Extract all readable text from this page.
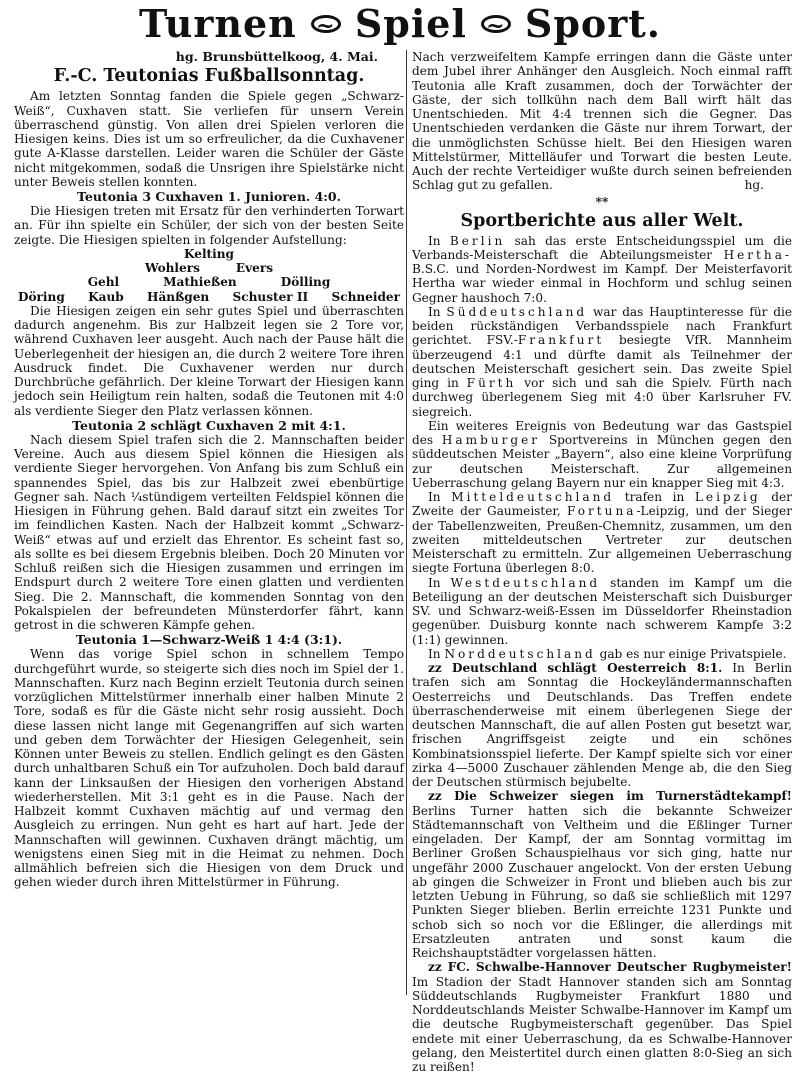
Turnen ~ Spiel ~ Sport.
hg. Brunsbüttelkoog, 4. Mai.
F.-C. Teutonias Fußballsonntag.

Am letzten Sonntag fanden die Spiele gegen „Schwarz-Weiß“, Cuxhaven statt. Sie verliefen für unsern Verein überraschend günstig. Von allen drei Spielen verloren die Hiesigen keins. Dies ist um so erfreulicher, da die Cuxhavener gute A-Klasse darstellen. Leider waren die Schüler der Gäste nicht mitgekommen, sodaß die Unsrigen ihre Spielstärke nicht unter Beweis stellen konnten.

Teutonia 3 Cuxhaven 1. Junioren. 4:0.

Die Hiesigen treten mit Ersatz für den verhinderten Torwart an. Für ihn spielte ein Schüler, der sich von der besten Seite zeigte. Die Hiesigen spielten in folgender Aufstellung:

Kelting
Wohlers	Evers
Gehl	Mathießen	Dölling
Döring Kaub Hänßgen Schuster II Schneider

Die Hiesigen zeigen ein sehr gutes Spiel und überraschten dadurch angenehm. Bis zur Halbzeit legen sie 2 Tore vor, während Cuxhaven leer ausgeht. Auch nach der Pause hält die Ueberlegenheit der hiesigen an, die durch 2 weitere Tore ihren Ausdruck findet. Die Cuxhavener werden nur durch Durchbrüche gefährlich. Der kleine Torwart der Hiesigen kann jedoch sein Heiligtum rein halten, sodaß die Teutonen mit 4:0 als verdiente Sieger den Platz verlassen können.

Teutonia 2 schlägt Cuxhaven 2 mit 4:1.

Nach diesem Spiel trafen sich die 2. Mannschaften beider Vereine. Auch aus diesem Spiel können die Hiesigen als verdiente Sieger hervorgehen. Von Anfang bis zum Schluß ein spannendes Spiel, das bis zur Halbzeit zwei ebenbürtige Gegner sah. Nach ¼stündigem verteilten Feldspiel können die Hiesigen in Führung gehen. Bald darauf sitzt ein zweites Tor im feindlichen Kasten. Nach der Halbzeit kommt „Schwarz-Weiß“ etwas auf und erzielt das Ehrentor. Es scheint fast so, als sollte es bei diesem Ergebnis bleiben. Doch 20 Minuten vor Schluß reißen sich die Hiesigen zusammen und erringen im Endspurt durch 2 weitere Tore einen glatten und verdienten Sieg. Die 2. Mannschaft, die kommenden Sonntag von den Pokalspielen der befreundeten Münsterdorfer fährt, kann getrost in die schweren Kämpfe gehen.

Teutonia 1—Schwarz-Weiß 1 4:4 (3:1).

Wenn das vorige Spiel schon in schnellem Tempo durchgeführt wurde, so steigerte sich dies noch im Spiel der 1. Mannschaften. Kurz nach Beginn erzielt Teutonia durch seinen vorzüglichen Mittelstürmer innerhalb einer halben Minute 2 Tore, sodaß es für die Gäste nicht sehr rosig aussieht. Doch diese lassen nicht lange mit Gegenangriffen auf sich warten und geben dem Torwächter der Hiesigen Gelegenheit, sein Können unter Beweis zu stellen. Endlich gelingt es den Gästen durch unhaltbaren Schuß ein Tor aufzuholen. Doch bald darauf kann der Linksaußen der Hiesigen den vorherigen Abstand wiederherstellen. Mit 3:1 geht es in die Pause. Nach der Halbzeit kommt Cuxhaven mächtig auf und vermag den Ausgleich zu erringen. Nun geht es hart auf hart. Jede der Mannschaften will gewinnen. Cuxhaven drängt mächtig, um wenigstens einen Sieg mit in die Heimat zu nehmen. Doch allmählich befreien sich die Hiesigen von dem Druck und gehen wieder durch ihren Mittelstürmer in Führung.

Nach verzweifeltem Kampfe erringen dann die Gäste unter dem Jubel ihrer Anhänger den Ausgleich. Noch einmal rafft Teutonia alle Kraft zusammen, doch der Torwächter der Gäste, der sich tollkühn nach dem Ball wirft hält das Unentschieden. Mit 4:4 trennen sich die Gegner. Das Unentschieden verdanken die Gäste nur ihrem Torwart, der die unmöglichsten Schüsse hielt. Bei den Hiesigen waren Mittelstürmer, Mittelläufer und Torwart die besten Leute. Auch der rechte Verteidiger wußte durch seinen befreienden Schlag gut zu gefallen.	hg.

**
Sportberichte aus aller Welt.

In Berlin sah das erste Entscheidungsspiel um die Verbands-Meisterschaft die Abteilungsmeister Hertha-B.S.C. und Norden-Nordwest im Kampf. Der Meisterfavorit Hertha war wieder einmal in Hochform und schlug seinen Gegner haushoch 7:0.

In Süddeutschland war das Hauptinteresse für die beiden rückständigen Verbandsspiele nach Frankfurt gerichtet. FSV.-Frankfurt besiegte VfR. Mannheim überzeugend 4:1 und dürfte damit als Teilnehmer der deutschen Meisterschaft gesichert sein. Das zweite Spiel ging in Fürth vor sich und sah die Spielv. Fürth nach durchweg überlegenem Sieg mit 4:0 über Karlsruher FV. siegreich.

Ein weiteres Ereignis von Bedeutung war das Gastspiel des Hamburger Sportvereins in München gegen den süddeutschen Meister „Bayern“, also eine kleine Vorprüfung zur deutschen Meisterschaft. Zur allgemeinen Ueberraschung gelang Bayern nur ein knapper Sieg mit 4:3.

In Mitteldeutschland trafen in Leipzig der Zweite der Gaumeister, Fortuna-Leipzig, und der Sieger der Tabellenzweiten, Preußen-Chemnitz, zusammen, um den zweiten mitteldeutschen Vertreter zur deutschen Meisterschaft zu ermitteln. Zur allgemeinen Ueberraschung siegte Fortuna überlegen 8:0.

In Westdeutschland standen im Kampf um die Beteiligung an der deutschen Meisterschaft sich Duisburger SV. und Schwarz-weiß-Essen im Düsseldorfer Rheinstadion gegenüber. Duisburg konnte nach schwerem Kampfe 3:2 (1:1) gewinnen.

In Norddeutschland gab es nur einige Privatspiele.

zz Deutschland schlägt Oesterreich 8:1. In Berlin trafen sich am Sonntag die Hockeyländermannschaften Oesterreichs und Deutschlands. Das Treffen endete überraschenderweise mit einem überlegenen Siege der deutschen Mannschaft, die auf allen Posten gut besetzt war, frischen Angriffsgeist zeigte und ein schönes Kombinatsionsspiel lieferte. Der Kampf spielte sich vor einer zirka 4—5000 Zuschauer zählenden Menge ab, die den Sieg der Deutschen stürmisch bejubelte.

zz Die Schweizer siegen im Turnerstädtekampf! Berlins Turner hatten sich die bekannte Schweizer Städtemannschaft von Veltheim und die Eßlinger Turner eingeladen. Der Kampf, der am Sonntag vormittag im Berliner Großen Schauspielhaus vor sich ging, hatte nur ungefähr 2000 Zuschauer angelockt. Von der ersten Uebung ab gingen die Schweizer in Front und blieben auch bis zur letzten Uebung in Führung, so daß sie schließlich mit 1297 Punkten Sieger blieben. Berlin erreichte 1231 Punkte und schob sich so noch vor die Eßlinger, die allerdings mit Ersatzleuten antraten und sonst kaum die Reichshauptstädter vorgelassen hätten.

zz FC. Schwalbe-Hannover Deutscher Rugbymeister! Im Stadion der Stadt Hannover standen sich am Sonntag Süddeutschlands Rugbymeister Frankfurt 1880 und Norddeutschlands Meister Schwalbe-Hannover im Kampf um die deutsche Rugbymeisterschaft gegenüber. Das Spiel endete mit einer Ueberraschung, da es Schwalbe-Hannover gelang, den Meistertitel durch einen glatten 8:0-Sieg an sich zu reißen!
